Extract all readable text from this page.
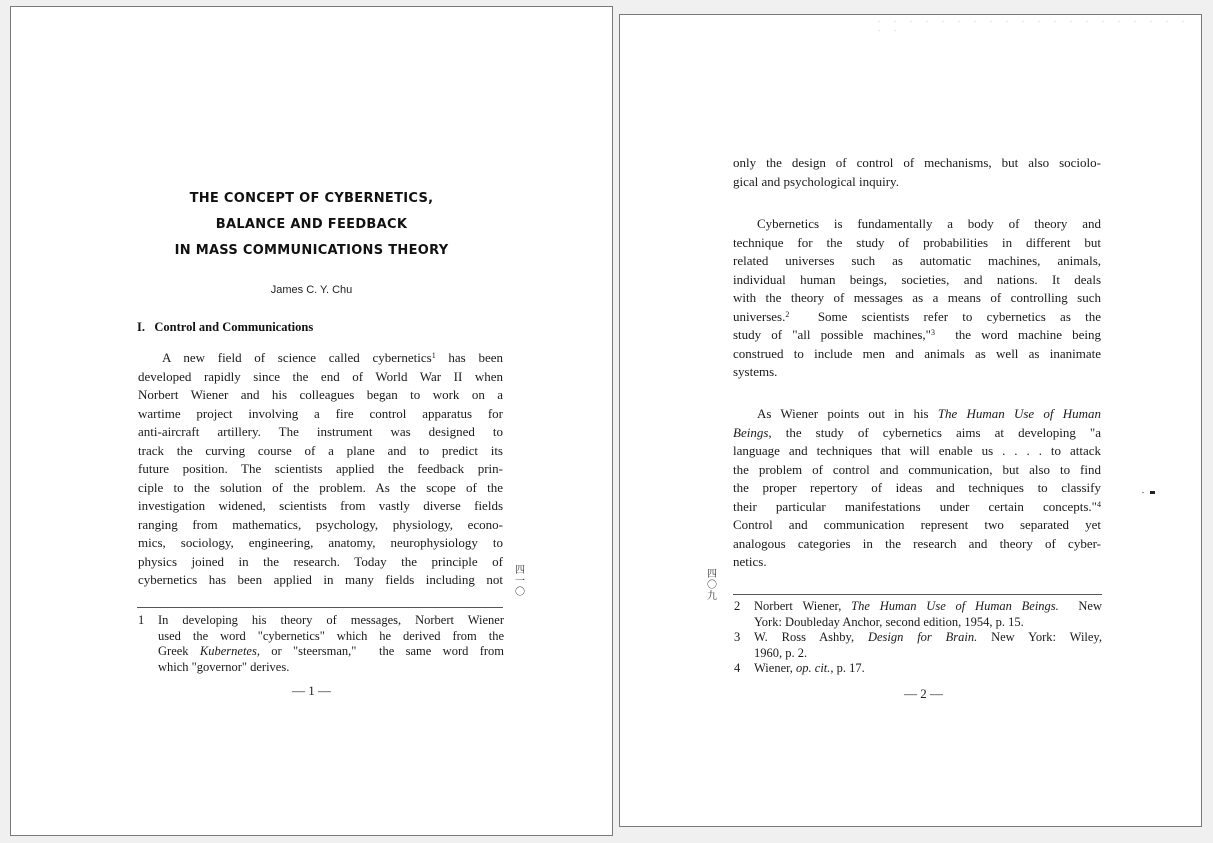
THE CONCEPT OF CYBERNETICS,
BALANCE AND FEEDBACK
IN MASS COMMUNICATIONS THEORY
James C. Y. Chu
I.   Control and Communications
A new field of science called cybernetics$^1$ has been
developed rapidly since the end of World War II when
Norbert Wiener and his colleagues began to work on a
wartime project involving a fire control apparatus for
anti-aircraft artillery. The instrument was designed to
track the curving course of a plane and to predict its
future position. The scientists applied the feedback prin-
ciple to the solution of the problem. As the scope of the
investigation widened, scientists from vastly diverse fields
ranging from mathematics, psychology, physiology, econo-
mics, sociology, engineering, anatomy, neurophysiology to
physics joined in the research. Today the principle of
cybernetics has been applied in many fields including not
四
一
〇
1 In developing his theory of messages, Norbert Wiener
used the word "cybernetics" which he derived from the
Greek Kubernetes, or "steersman,"  the same word from
which "governor" derives.
— 1 —
. . . . . . . . . . . . . . . . . . . . . .
only the design of control of mechanisms, but also sociolo-
gical and psychological inquiry.
Cybernetics is fundamentally a body of theory and
technique for the study of probabilities in different but
related universes such as automatic machines, animals,
individual human beings, societies, and nations. It deals
with the theory of messages as a means of controlling such
universes.$^2$  Some scientists refer to cybernetics as the
study of "all possible machines,"$^3$  the word machine being
construed to include men and animals as well as inanimate
systems.
As Wiener points out in his The Human Use of Human
Beings, the study of cybernetics aims at developing "a
language and techniques that will enable us . . . . to attack
the problem of control and communication, but also to find
the proper repertory of ideas and techniques to classify
their particular manifestations under certain concepts."$^4$
Control and communication represent two separated yet
analogous categories in the research and theory of cyber-
netics.
四
〇
九
2 Norbert Wiener, The Human Use of Human Beings.  New
York: Doubleday Anchor, second edition, 1954, p. 15.
3 W. Ross Ashby, Design for Brain. New York: Wiley,
1960, p. 2.
4 Wiener, op. cit., p. 17.
— 2 —
